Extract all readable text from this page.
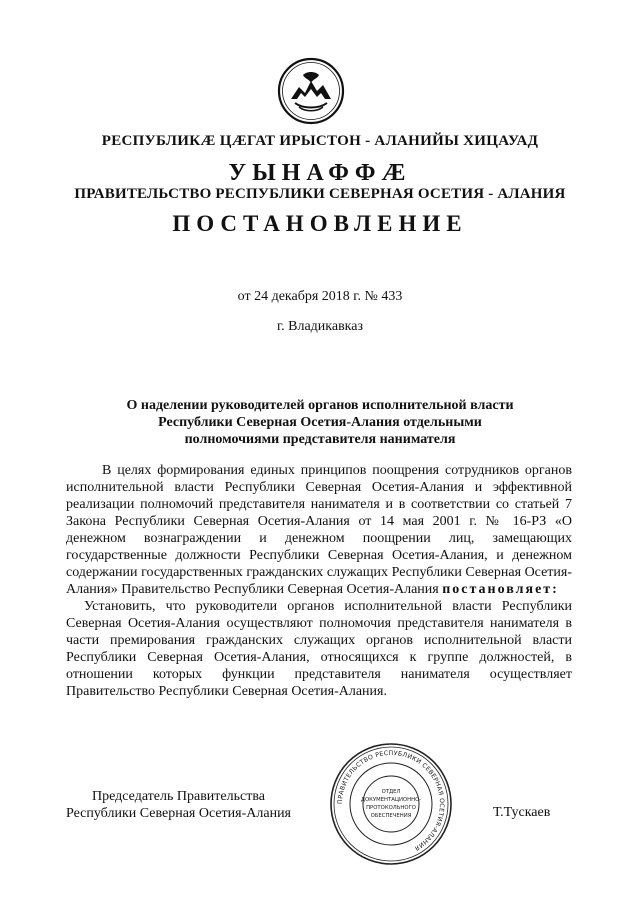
РЕСПУБЛИКӔ ЦӔГАТ ИРЫСТОН - АЛАНИЙЫ ХИЦАУАД
УЫНАФФӔ
ПРАВИТЕЛЬСТВО РЕСПУБЛИКИ СЕВЕРНАЯ ОСЕТИЯ - АЛАНИЯ
ПОСТАНОВЛЕНИЕ
от 24 декабря 2018 г. № 433
г. Владикавказ
О наделении руководителей органов исполнительной власти
Республики Северная Осетия-Алания отдельными
полномочиями представителя нанимателя

В целях формирования единых принципов поощрения сотрудников органов исполнительной власти Республики Северная Осетия-Алания и эффективной реализации полномочий представителя нанимателя и в соответствии со статьей 7 Закона Республики Северная Осетия-Алания от 14 мая 2001 г. № 16-РЗ «О денежном вознаграждении и денежном поощрении лиц, замещающих государственные должности Республики Северная Осетия-Алания, и денежном содержании государственных гражданских служащих Республики Северная Осетия-Алания» Правительство Республики Северная Осетия-Алания постановляет:

Установить, что руководители органов исполнительной власти Республики Северная Осетия-Алания осуществляют полномочия представителя нанимателя в части премирования гражданских служащих органов исполнительной власти Республики Северная Осетия-Алания, относящихся к группе должностей, в отношении которых функции представителя нанимателя осуществляет Правительство Республики Северная Осетия-Алания.

Председатель Правительства
Республики Северная Осетия-Алания
ПРАВИТЕЛЬСТВО РЕСПУБЛИКИ СЕВЕРНАЯ ОСЕТИЯ-АЛАНИЯ
ОТДЕЛ
ДОКУМЕНТАЦИОННО-
ПРОТОКОЛЬНОГО
ОБЕСПЕЧЕНИЯ	Т.Тускаев
